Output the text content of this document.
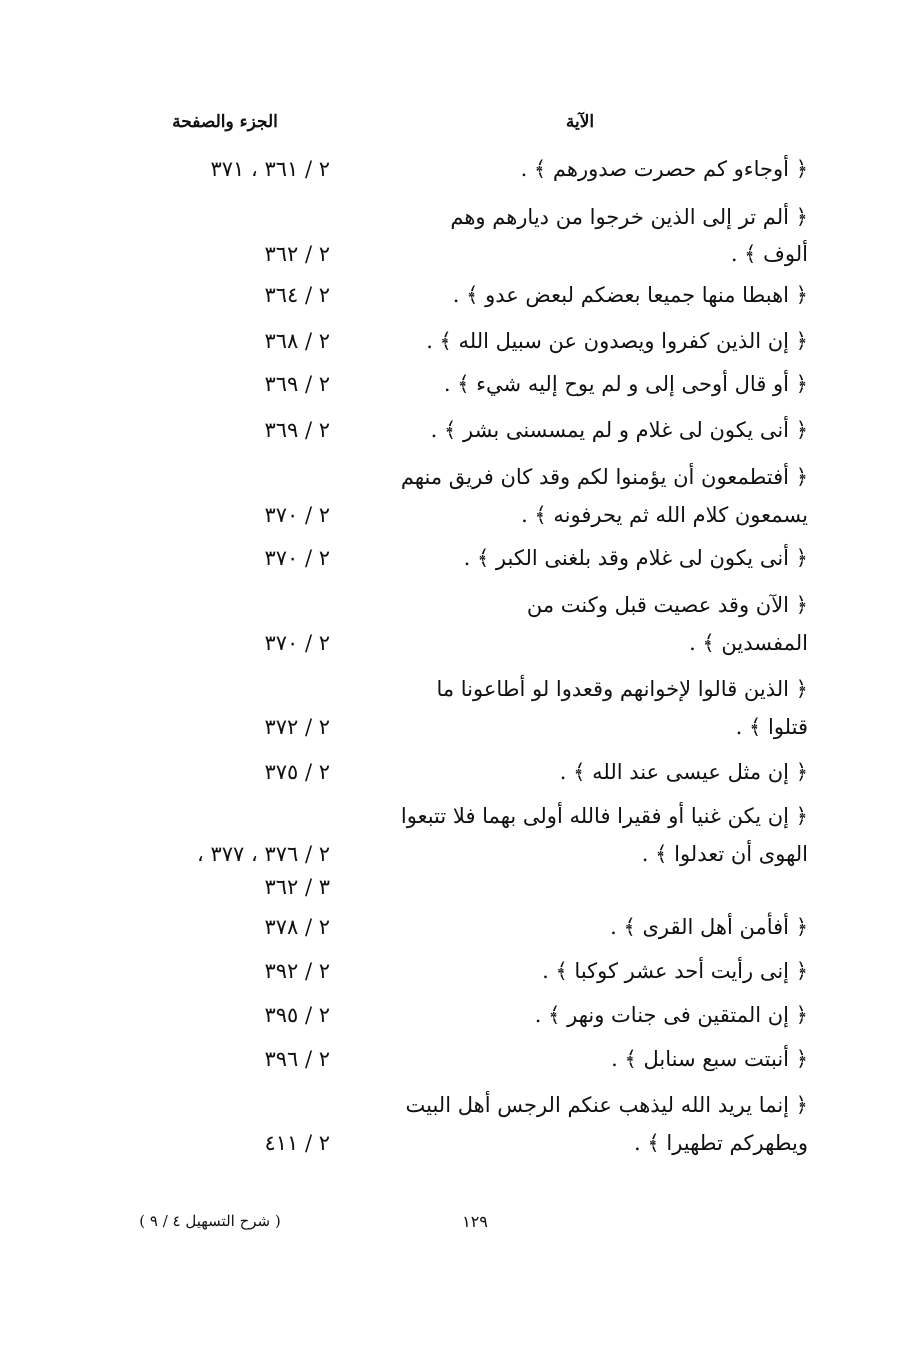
الآية
الجزء والصفحة
﴿ أوجاءو كم حصرت صدورهم ﴾ .
٢ / ٣٦١ ، ٣٧١
﴿ ألم تر إلى الذين خرجوا من ديارهم وهم
ألوف ﴾ .
٢ / ٣٦٢
﴿ اهبطا منها جميعا بعضكم لبعض عدو ﴾ .
٢ / ٣٦٤
﴿ إن الذين كفروا ويصدون عن سبيل الله ﴾ .
٢ / ٣٦٨
﴿ أو قال أوحى إلى و لم يوح إليه شيء ﴾ .
٢ / ٣٦٩
﴿ أنى يكون لى غلام و لم يمسسنى بشر ﴾ .
٢ / ٣٦٩
﴿ أفتطمعون أن يؤمنوا لكم وقد كان فريق منهم
يسمعون كلام الله ثم يحرفونه ﴾ .
٢ / ٣٧٠
﴿ أنى يكون لى غلام وقد بلغنى الكبر ﴾ .
٢ / ٣٧٠
﴿ الآن وقد عصيت قبل وكنت من
المفسدين ﴾ .
٢ / ٣٧٠
﴿ الذين قالوا لإخوانهم وقعدوا لو أطاعونا ما
قتلوا ﴾ .
٢ / ٣٧٢
﴿ إن مثل عيسى عند الله ﴾ .
٢ / ٣٧٥
﴿ إن يكن غنيا أو فقيرا فالله أولى بهما فلا تتبعوا
الهوى أن تعدلوا ﴾ .
٢ / ٣٧٦ ، ٣٧٧ ،
٣ / ٣٦٢
﴿ أفأمن أهل القرى ﴾ .
٢ / ٣٧٨
﴿ إنى رأيت أحد عشر كوكبا ﴾ .
٢ / ٣٩٢
﴿ إن المتقين فى جنات ونهر ﴾ .
٢ / ٣٩٥
﴿ أنبتت سبع سنابل ﴾ .
٢ / ٣٩٦
﴿ إنما يريد الله ليذهب عنكم الرجس أهل البيت
ويطهركم تطهيرا ﴾ .
٢ / ٤١١
١٢٩
( شرح التسهيل ٤ / ٩ )
